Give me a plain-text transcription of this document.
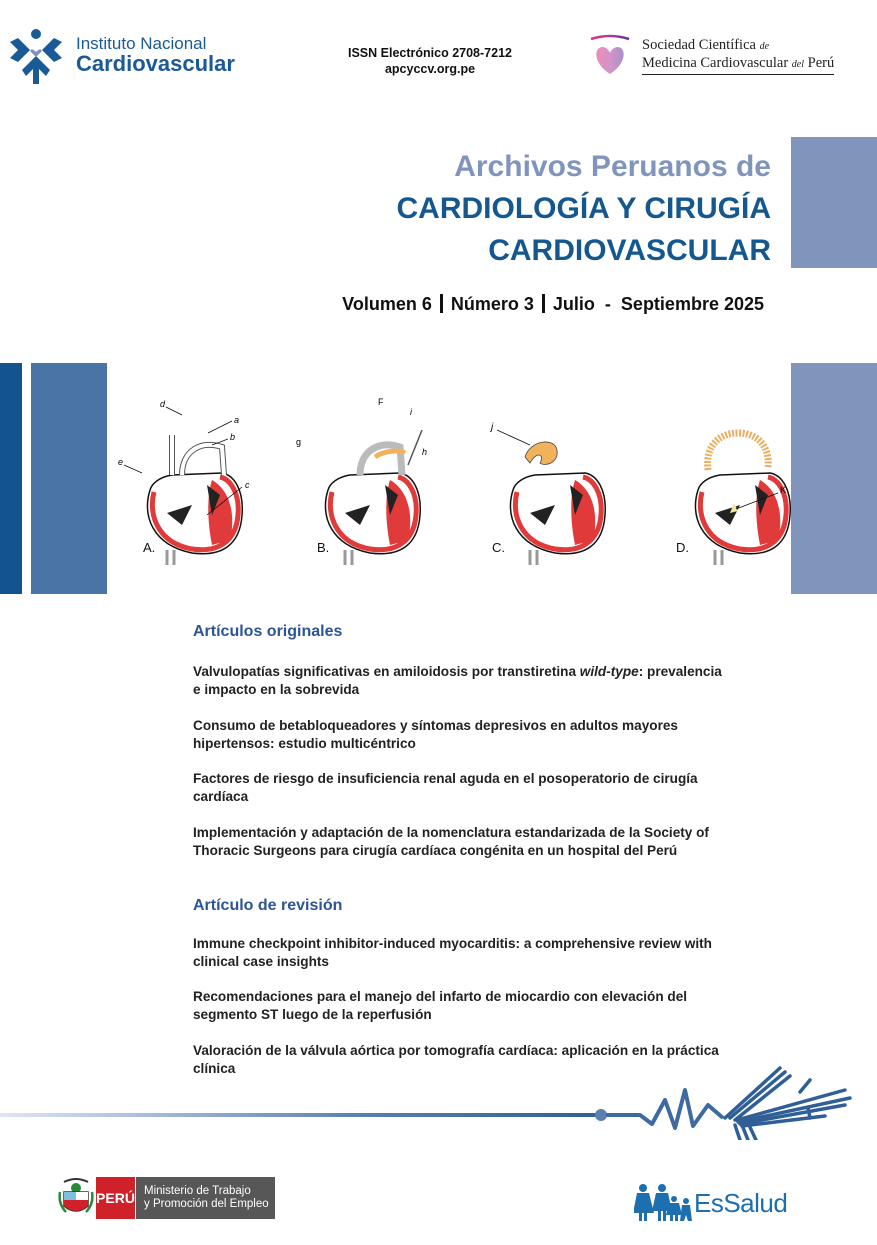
Instituto Nacional
Cardiovascular	ISSN Electrónico 2708-7212
apcyccv.org.pe
Sociedad Científica de
Medicina Cardiovascular del Perú
Archivos Peruanos de
CARDIOLOGÍA Y CIRUGÍA
CARDIOVASCULAR
Volumen 6 Número 3 Julio - Septiembre 2025
d
a
b
e
c
A.
F
i
g
h
B.
j
C.
K
D.
Artículos originales
Valvulopatías significativas en amiloidosis por transtiretina wild-type: prevalencia e impacto en la sobrevida
Consumo de betabloqueadores y síntomas depresivos en adultos mayores hipertensos: estudio multicéntrico
Factores de riesgo de insuficiencia renal aguda en el posoperatorio de cirugía cardíaca
Implementación y adaptación de la nomenclatura estandarizada de la Society of Thoracic Surgeons para cirugía cardíaca congénita en un hospital del Perú
Artículo de revisión
Immune checkpoint inhibitor-induced myocarditis: a comprehensive review with clinical case insights
Recomendaciones para el manejo del infarto de miocardio con elevación del segmento ST luego de la reperfusión
Valoración de la válvula aórtica por tomografía cardíaca: aplicación en la práctica clínica
PERÚ Ministerio de Trabajo
y Promoción del Empleo	EsSalud
